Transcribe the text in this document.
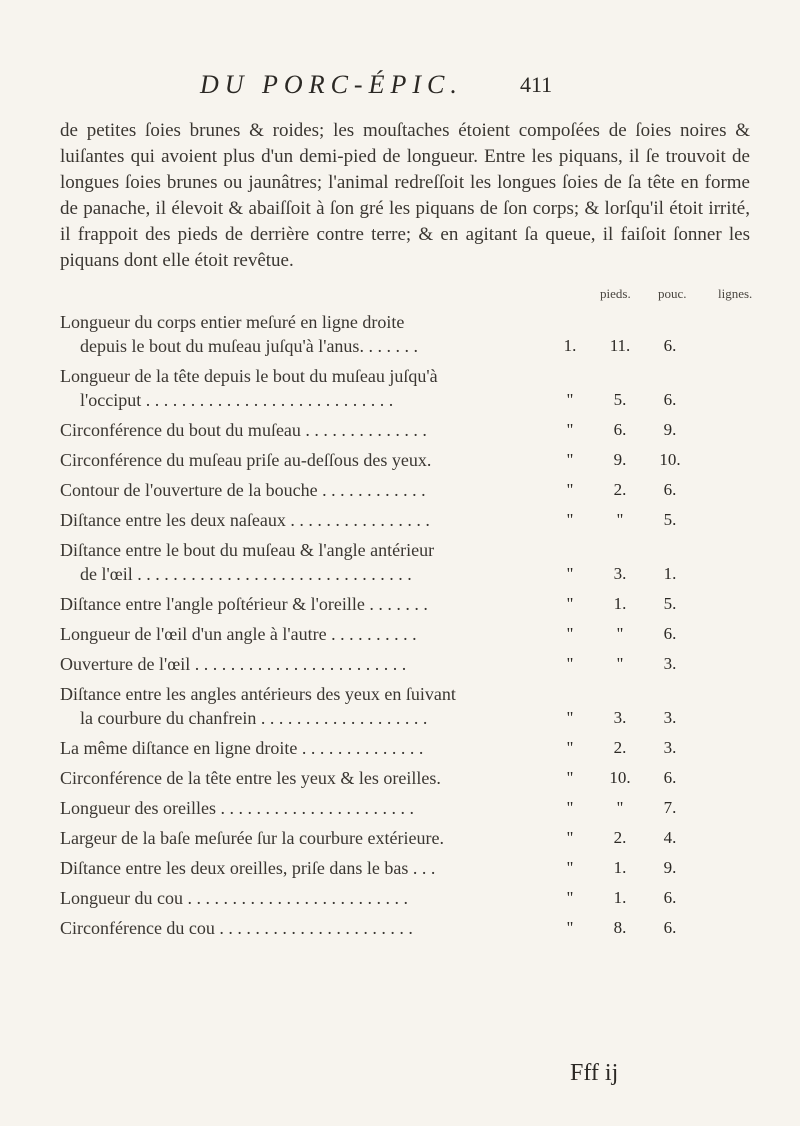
DU PORC-ÉPIC.	411

de petites ſoies brunes & roides; les mouſtaches étoient compoſées de ſoies noires & luiſantes qui avoient plus d'un demi-pied de longueur. Entre les piquans, il ſe trouvoit de longues ſoies brunes ou jaunâtres; l'animal redreſſoit les longues ſoies de ſa tête en forme de panache, il élevoit & abaiſſoit à ſon gré les piquans de ſon corps; & lorſqu'il étoit irrité, il frappoit des pieds de derrière contre terre; & en agitant ſa queue, il faiſoit ſonner les piquans dont elle étoit revêtue.

pieds. pouc. lignes.
Longueur du corps entier meſuré en ligne droite
depuis le bout du muſeau juſqu'à l'anus. . . . . . .	1.	11.	6.
Longueur de la tête depuis le bout du muſeau juſqu'à
l'occiput . . . . . . . . . . . . . . . . . . . . . . . . . . . .	"	5.	6.
Circonférence du bout du muſeau . . . . . . . . . . . . . .	"	6.	9.
Circonférence du muſeau priſe au-deſſous des yeux.	"	9.	10.
Contour de l'ouverture de la bouche . . . . . . . . . . . .	"	2.	6.
Diſtance entre les deux naſeaux . . . . . . . . . . . . . . . .	"	"	5.
Diſtance entre le bout du muſeau & l'angle antérieur
de l'œil . . . . . . . . . . . . . . . . . . . . . . . . . . . . . . .	"	3.	1.
Diſtance entre l'angle poſtérieur & l'oreille . . . . . . .	"	1.	5.
Longueur de l'œil d'un angle à l'autre . . . . . . . . . .	"	"	6.
Ouverture de l'œil . . . . . . . . . . . . . . . . . . . . . . . .	"	"	3.
Diſtance entre les angles antérieurs des yeux en ſuivant
la courbure du chanfrein . . . . . . . . . . . . . . . . . . .	"	3.	3.
La même diſtance en ligne droite . . . . . . . . . . . . . .	"	2.	3.
Circonférence de la tête entre les yeux & les oreilles.	"	10.	6.
Longueur des oreilles . . . . . . . . . . . . . . . . . . . . . .	"	"	7.
Largeur de la baſe meſurée ſur la courbure extérieure.	"	2.	4.
Diſtance entre les deux oreilles, priſe dans le bas . . .	"	1.	9.
Longueur du cou . . . . . . . . . . . . . . . . . . . . . . . . .	"	1.	6.
Circonférence du cou . . . . . . . . . . . . . . . . . . . . . .	"	8.	6.
Fff ij
